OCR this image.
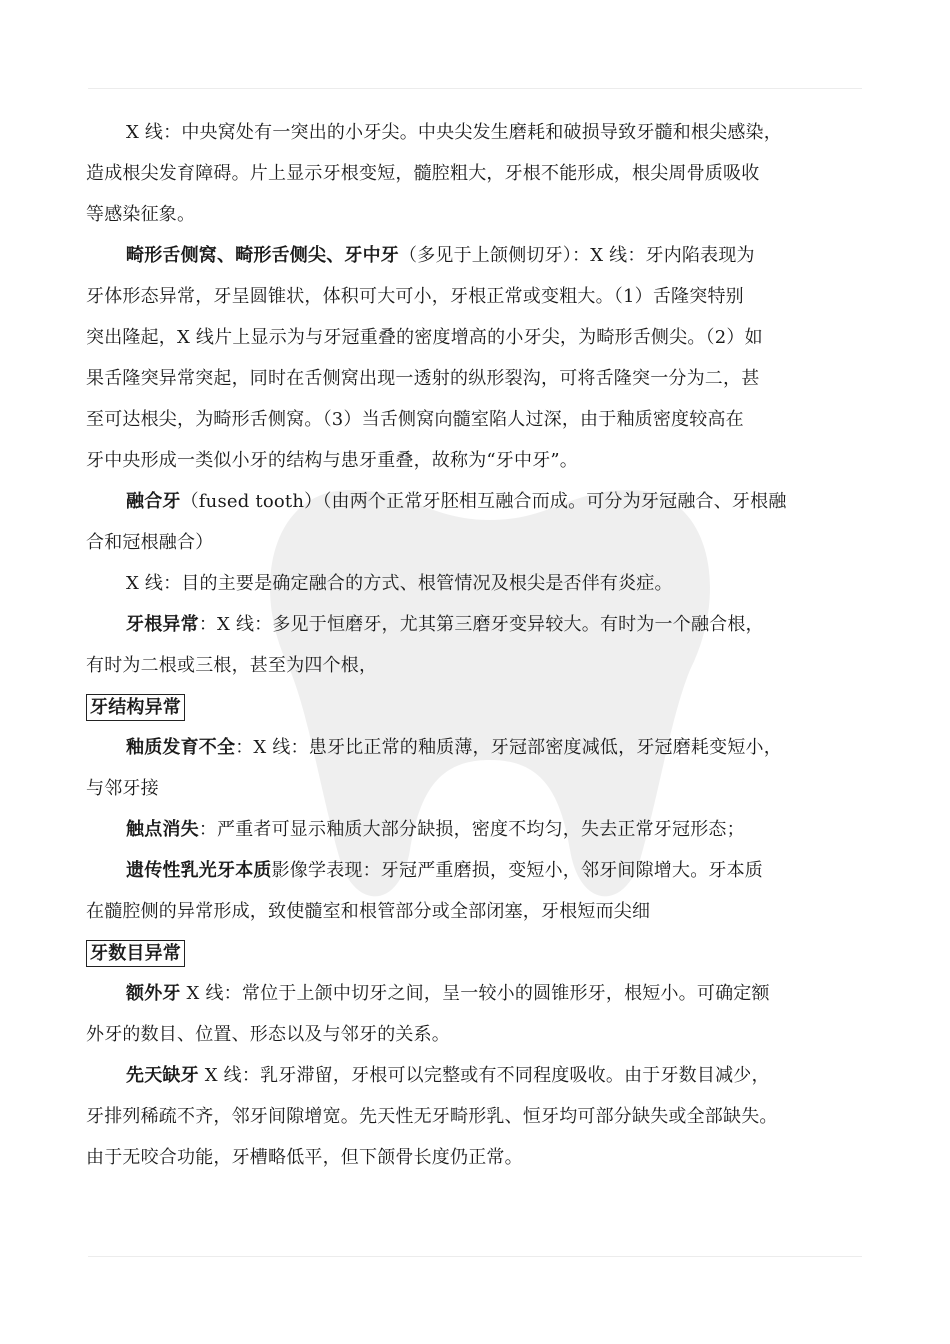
X 线：中央窝处有一突出的小牙尖。中央尖发生磨耗和破损导致牙髓和根尖感染，
造成根尖发育障碍。片上显示牙根变短，髓腔粗大，牙根不能形成，根尖周骨质吸收
等感染征象。
畸形舌侧窝、畸形舌侧尖、牙中牙（多见于上颌侧切牙）：X 线：牙内陷表现为
牙体形态异常，牙呈圆锥状，体积可大可小，牙根正常或变粗大。（1）舌隆突特别
突出隆起，X 线片上显示为与牙冠重叠的密度增高的小牙尖，为畸形舌侧尖。（2）如
果舌隆突异常突起，同时在舌侧窝出现一透射的纵形裂沟，可将舌隆突一分为二，甚
至可达根尖，为畸形舌侧窝。（3）当舌侧窝向髓室陷人过深，由于釉质密度较高在
牙中央形成一类似小牙的结构与患牙重叠，故称为“牙中牙”。
融合牙（fused tooth）（由两个正常牙胚相互融合而成。可分为牙冠融合、牙根融
合和冠根融合）
X 线：目的主要是确定融合的方式、根管情况及根尖是否伴有炎症。
牙根异常：X 线：多见于恒磨牙，尤其第三磨牙变异较大。有时为一个融合根，
有时为二根或三根，甚至为四个根，
牙结构异常
釉质发育不全：X 线：患牙比正常的釉质薄，牙冠部密度减低，牙冠磨耗变短小，
与邻牙接
触点消失：严重者可显示釉质大部分缺损，密度不均匀，失去正常牙冠形态；
遗传性乳光牙本质影像学表现：牙冠严重磨损，变短小，邻牙间隙增大。牙本质
在髓腔侧的异常形成，致使髓室和根管部分或全部闭塞，牙根短而尖细
牙数目异常
额外牙 X 线：常位于上颌中切牙之间，呈一较小的圆锥形牙，根短小。可确定额
外牙的数目、位置、形态以及与邻牙的关系。
先天缺牙 X 线：乳牙滞留，牙根可以完整或有不同程度吸收。由于牙数目减少，
牙排列稀疏不齐，邻牙间隙增宽。先天性无牙畸形乳、恒牙均可部分缺失或全部缺失。
由于无咬合功能，牙槽略低平，但下颌骨长度仍正常。
